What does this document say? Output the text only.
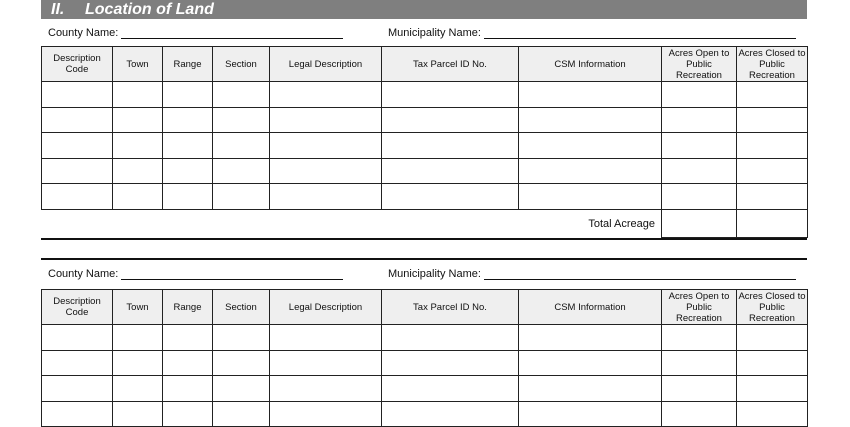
II. Location of Land
County Name:	Municipality Name:
Description Code	Town	Range	Section	Legal Description	Tax Parcel ID No.	CSM Information	Acres Open to Public Recreation	Acres Closed to Public Recreation

Total Acreage								
County Name:	Municipality Name:
Description Code	Town	Range	Section	Legal Description	Tax Parcel ID No.	CSM Information	Acres Open to Public Recreation	Acres Closed to Public Recreation
